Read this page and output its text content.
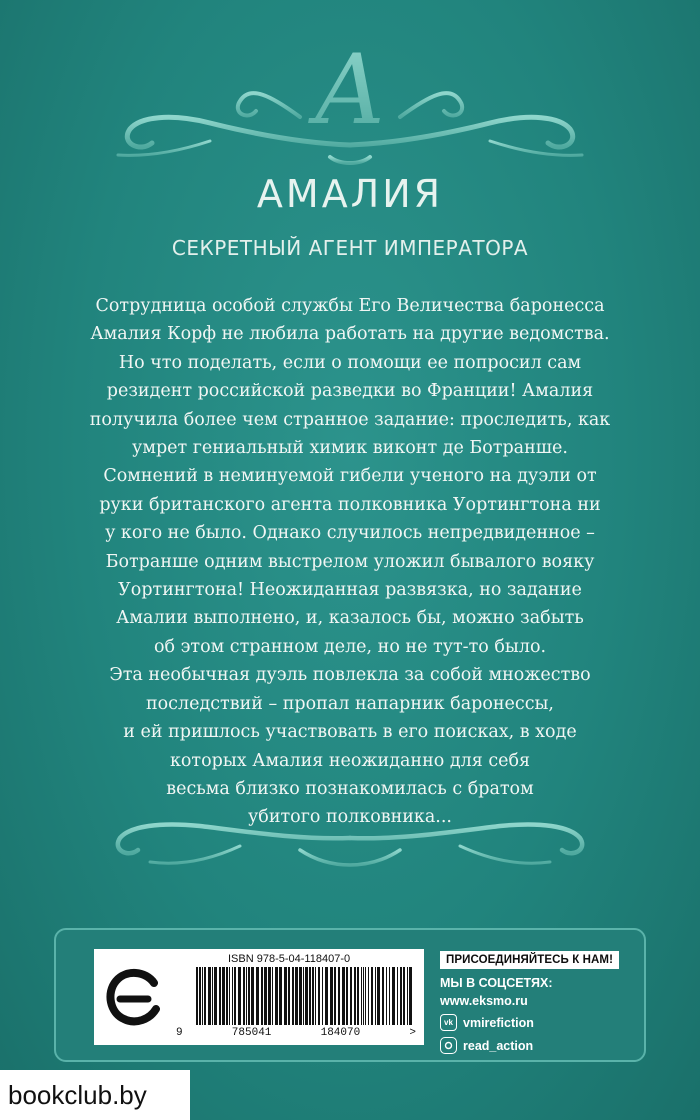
A
АМАЛИЯ
СЕКРЕТНЫЙ АГЕНТ ИМПЕРАТОРА

Сотрудница особой службы Его Величества баронесса

Амалия Корф не любила работать на другие ведомства.

Но что поделать, если о помощи ее попросил сам

резидент российской разведки во Франции! Амалия

получила более чем странное задание: проследить, как

умрет гениальный химик виконт де Ботранше.

Сомнений в неминуемой гибели ученого на дуэли от

руки британского агента полковника Уортингтона ни

у кого не было. Однако случилось непредвиденное –

Ботранше одним выстрелом уложил бывалого вояку

Уортингтона! Неожиданная развязка, но задание

Амалии выполнено, и, казалось бы, можно забыть

об этом странном деле, но не тут-то было.

Эта необычная дуэль повлекла за собой множество

последствий – пропал напарник баронессы,

и ей пришлось участвовать в его поисках, в ходе

которых Амалия неожиданно для себя

весьма близко познакомилась с братом

убитого полковника...

ISBN 978-5-04-118407-0
9	785041	184070	>
ПРИСОЕДИНЯЙТЕСЬ К НАМ!
МЫ В СОЦСЕТЯХ:
www.eksmo.ru
vk vmirefiction
read_action
bookclub.by
